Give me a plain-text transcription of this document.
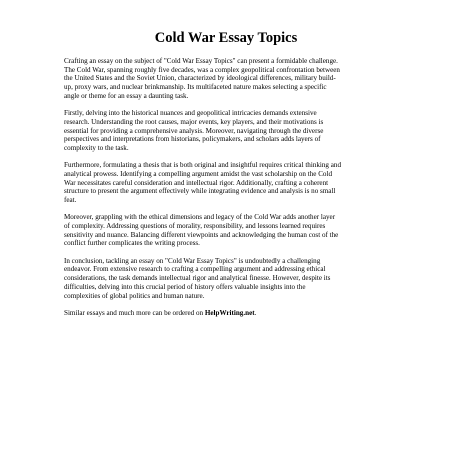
Cold War Essay Topics

Crafting an essay on the subject of "Cold War Essay Topics" can present a formidable challenge.
The Cold War, spanning roughly five decades, was a complex geopolitical confrontation between
the United States and the Soviet Union, characterized by ideological differences, military build-
up, proxy wars, and nuclear brinkmanship. Its multifaceted nature makes selecting a specific
angle or theme for an essay a daunting task.

Firstly, delving into the historical nuances and geopolitical intricacies demands extensive
research. Understanding the root causes, major events, key players, and their motivations is
essential for providing a comprehensive analysis. Moreover, navigating through the diverse
perspectives and interpretations from historians, policymakers, and scholars adds layers of
complexity to the task.

Furthermore, formulating a thesis that is both original and insightful requires critical thinking and
analytical prowess. Identifying a compelling argument amidst the vast scholarship on the Cold
War necessitates careful consideration and intellectual rigor. Additionally, crafting a coherent
structure to present the argument effectively while integrating evidence and analysis is no small
feat.

Moreover, grappling with the ethical dimensions and legacy of the Cold War adds another layer
of complexity. Addressing questions of morality, responsibility, and lessons learned requires
sensitivity and nuance. Balancing different viewpoints and acknowledging the human cost of the
conflict further complicates the writing process.

In conclusion, tackling an essay on "Cold War Essay Topics" is undoubtedly a challenging
endeavor. From extensive research to crafting a compelling argument and addressing ethical
considerations, the task demands intellectual rigor and analytical finesse. However, despite its
difficulties, delving into this crucial period of history offers valuable insights into the
complexities of global politics and human nature.

Similar essays and much more can be ordered on HelpWriting.net.
